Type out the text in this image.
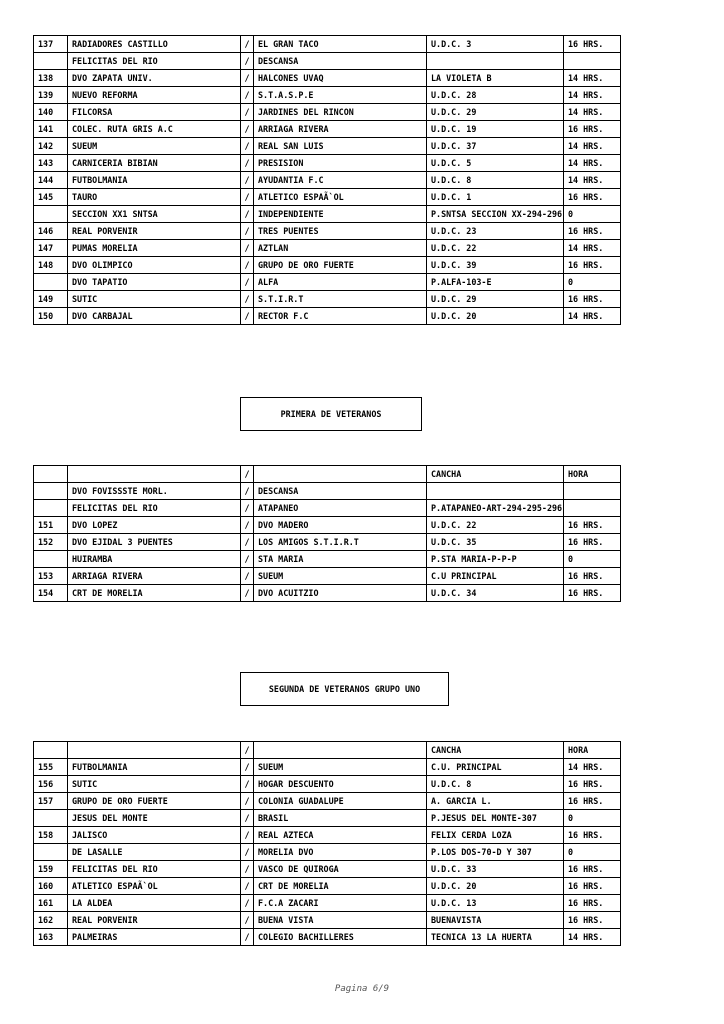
137	RADIADORES CASTILLO	/	EL GRAN TACO	U.D.C. 3	16 HRS.
	FELICITAS DEL RIO	/	DESCANSA		
138	DVO ZAPATA UNIV.	/	HALCONES UVAQ	LA VIOLETA B	14 HRS.
139	NUEVO REFORMA	/	S.T.A.S.P.E	U.D.C. 28	14 HRS.
140	FILCORSA	/	JARDINES DEL RINCON	U.D.C. 29	14 HRS.
141	COLEC. RUTA GRIS A.C	/	ARRIAGA RIVERA	U.D.C. 19	16 HRS.
142	SUEUM	/	REAL SAN LUIS	U.D.C. 37	14 HRS.
143	CARNICERIA BIBIAN	/	PRESISION	U.D.C. 5	14 HRS.
144	FUTBOLMANIA	/	AYUDANTIA F.C	U.D.C. 8	14 HRS.
145	TAURO	/	ATLETICO ESPAÃ`OL	U.D.C. 1	16 HRS.
	SECCION XX1 SNTSA	/	INDEPENDIENTE	P.SNTSA SECCION XX-294-296	0
146	REAL PORVENIR	/	TRES PUENTES	U.D.C. 23	16 HRS.
147	PUMAS MORELIA	/	AZTLAN	U.D.C. 22	14 HRS.
148	DVO OLIMPICO	/	GRUPO DE ORO FUERTE	U.D.C. 39	16 HRS.
	DVO TAPATIO	/	ALFA	P.ALFA-103-E	0
149	SUTIC	/	S.T.I.R.T	U.D.C. 29	16 HRS.
150	DVO CARBAJAL	/	RECTOR F.C	U.D.C. 20	14 HRS.
PRIMERA DE VETERANOS
		/		CANCHA	HORA
	DVO FOVISSSTE MORL.	/	DESCANSA		
	FELICITAS DEL RIO	/	ATAPANEO	P.ATAPANEO-ART-294-295-296	
151	DVO LOPEZ	/	DVO MADERO	U.D.C. 22	16 HRS.
152	DVO EJIDAL 3 PUENTES	/	LOS AMIGOS S.T.I.R.T	U.D.C. 35	16 HRS.
	HUIRAMBA	/	STA MARIA	P.STA MARIA-P-P-P	0
153	ARRIAGA RIVERA	/	SUEUM	C.U PRINCIPAL	16 HRS.
154	CRT DE MORELIA	/	DVO ACUITZIO	U.D.C. 34	16 HRS.
SEGUNDA DE VETERANOS GRUPO UNO
		/		CANCHA	HORA
155	FUTBOLMANIA	/	SUEUM	C.U. PRINCIPAL	14 HRS.
156	SUTIC	/	HOGAR DESCUENTO	U.D.C. 8	16 HRS.
157	GRUPO DE ORO FUERTE	/	COLONIA GUADALUPE	A. GARCIA L.	16 HRS.
	JESUS DEL MONTE	/	BRASIL	P.JESUS DEL MONTE-307	0
158	JALISCO	/	REAL AZTECA	FELIX CERDA LOZA	16 HRS.
	DE LASALLE	/	MORELIA DVO	P.LOS DOS-70-D Y 307	0
159	FELICITAS DEL RIO	/	VASCO DE QUIROGA	U.D.C. 33	16 HRS.
160	ATLETICO ESPAÃ`OL	/	CRT DE MORELIA	U.D.C. 20	16 HRS.
161	LA ALDEA	/	F.C.A ZACARI	U.D.C. 13	16 HRS.
162	REAL PORVENIR	/	BUENA VISTA	BUENAVISTA	16 HRS.
163	PALMEIRAS	/	COLEGIO BACHILLERES	TECNICA 13 LA HUERTA	14 HRS.
Pagina 6/9
